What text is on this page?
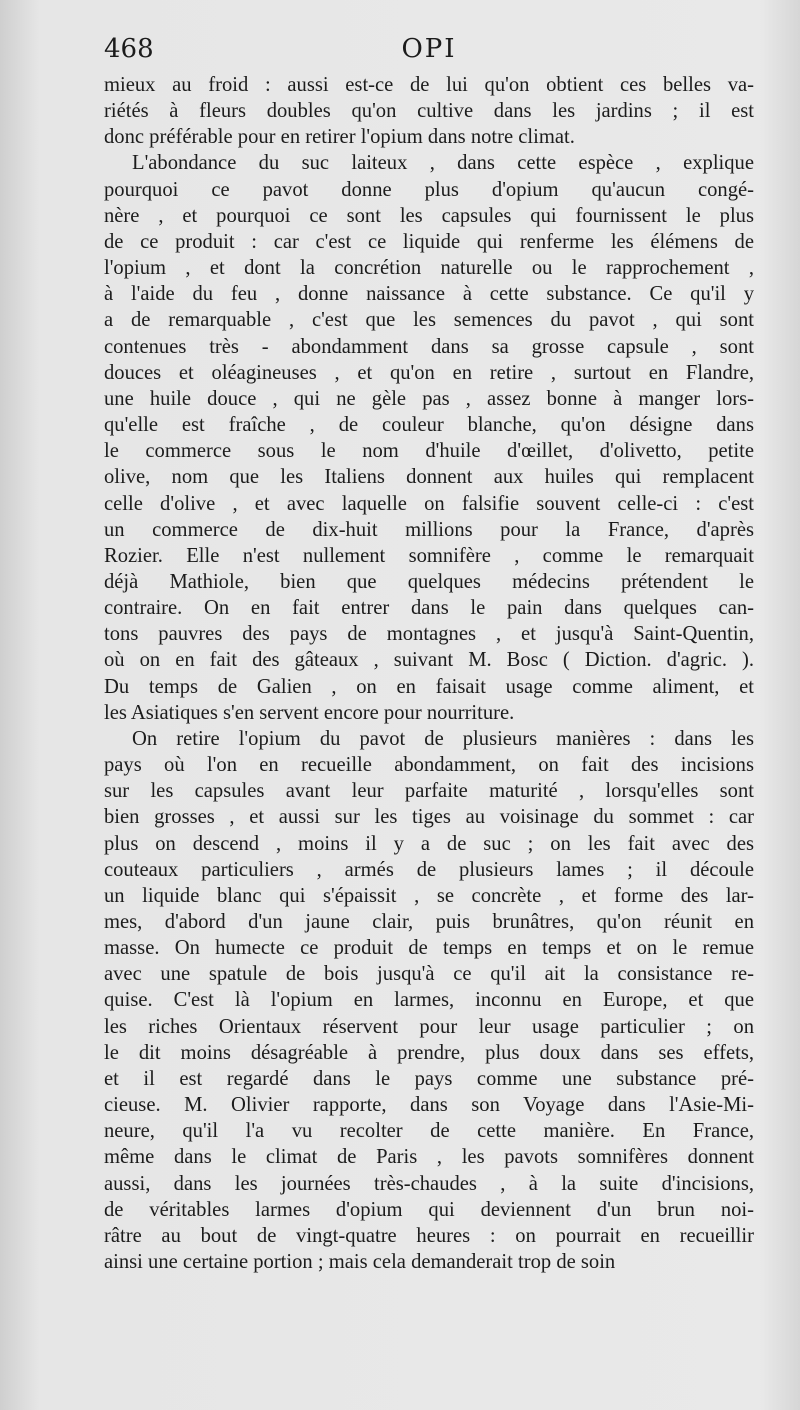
468	OPI

mieux au froid : aussi est-ce de lui qu'on obtient ces belles va-
riétés à fleurs doubles qu'on cultive dans les jardins ; il est
donc préférable pour en retirer l'opium dans notre climat.

L'abondance du suc laiteux , dans cette espèce , explique
pourquoi ce pavot donne plus d'opium qu'aucun congé-
nère , et pourquoi ce sont les capsules qui fournissent le plus
de ce produit : car c'est ce liquide qui renferme les élémens de
l'opium , et dont la concrétion naturelle ou le rapprochement ,
à l'aide du feu , donne naissance à cette substance. Ce qu'il y
a de remarquable , c'est que les semences du pavot , qui sont
contenues très - abondamment dans sa grosse capsule , sont
douces et oléagineuses , et qu'on en retire , surtout en Flandre,
une huile douce , qui ne gèle pas , assez bonne à manger lors-
qu'elle est fraîche , de couleur blanche, qu'on désigne dans
le commerce sous le nom d'huile d'œillet, d'olivetto, petite
olive, nom que les Italiens donnent aux huiles qui remplacent
celle d'olive , et avec laquelle on falsifie souvent celle-ci : c'est
un commerce de dix-huit millions pour la France, d'après
Rozier. Elle n'est nullement somnifère , comme le remarquait
déjà Mathiole, bien que quelques médecins prétendent le
contraire. On en fait entrer dans le pain dans quelques can-
tons pauvres des pays de montagnes , et jusqu'à Saint-Quentin,
où on en fait des gâteaux , suivant M. Bosc ( Diction. d'agric. ).
Du temps de Galien , on en faisait usage comme aliment, et
les Asiatiques s'en servent encore pour nourriture.

On retire l'opium du pavot de plusieurs manières : dans les
pays où l'on en recueille abondamment, on fait des incisions
sur les capsules avant leur parfaite maturité , lorsqu'elles sont
bien grosses , et aussi sur les tiges au voisinage du sommet : car
plus on descend , moins il y a de suc ; on les fait avec des
couteaux particuliers , armés de plusieurs lames ; il découle
un liquide blanc qui s'épaissit , se concrète , et forme des lar-
mes, d'abord d'un jaune clair, puis brunâtres, qu'on réunit en
masse. On humecte ce produit de temps en temps et on le remue
avec une spatule de bois jusqu'à ce qu'il ait la consistance re-
quise. C'est là l'opium en larmes, inconnu en Europe, et que
les riches Orientaux réservent pour leur usage particulier ; on
le dit moins désagréable à prendre, plus doux dans ses effets,
et il est regardé dans le pays comme une substance pré-
cieuse. M. Olivier rapporte, dans son Voyage dans l'Asie-Mi-
neure, qu'il l'a vu recolter de cette manière. En France,
même dans le climat de Paris , les pavots somnifères donnent
aussi, dans les journées très-chaudes , à la suite d'incisions,
de véritables larmes d'opium qui deviennent d'un brun noi-
râtre au bout de vingt-quatre heures : on pourrait en recueillir
ainsi une certaine portion ; mais cela demanderait trop de soin
